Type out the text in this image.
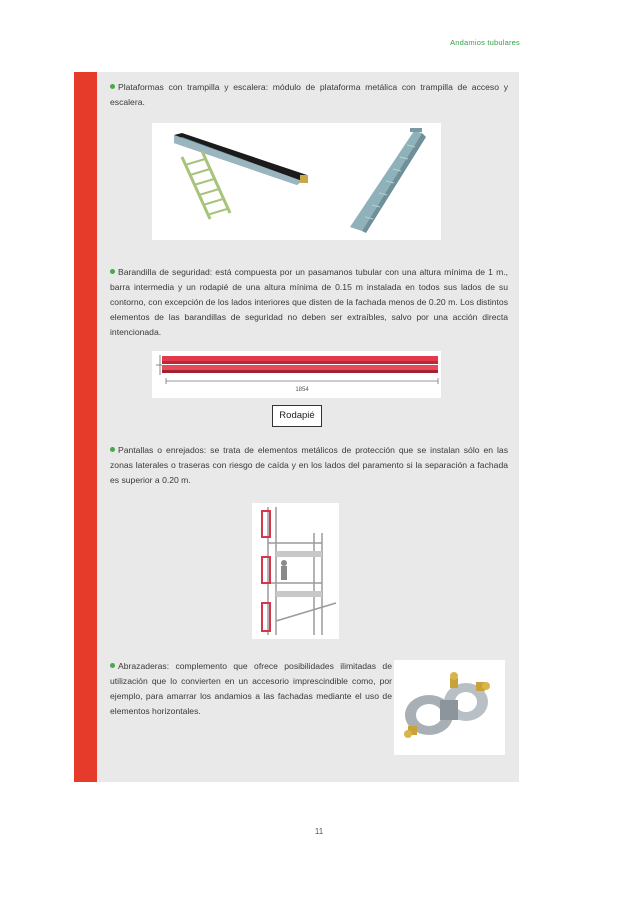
Andamios tubulares
Plataformas con trampilla y escalera: módulo de plataforma metálica con trampilla de acceso y escalera.
Barandilla de seguridad: está compuesta por un pasamanos tubular con una altura mínima de 1 m., barra intermedia y un rodapié de una altura mínima de 0.15 m instalada en todos sus lados de su contorno, con excepción de los lados interiores que disten de la fachada menos de 0.20 m. Los distintos elementos de las barandillas de seguridad no deben ser extraíbles, salvo por una acción directa intencionada.
1854
Rodapié
Pantallas o enrejados: se trata de elementos metálicos de protección que se instalan sólo en las zonas laterales o traseras con riesgo de caída y en los lados del paramento si la separación a fachada es superior a 0.20 m.
Abrazaderas: complemento que ofrece posibilidades ilimitadas de utilización que lo convierten en un accesorio imprescindible como, por ejemplo, para amarrar los andamios a las fachadas mediante el uso de elementos horizontales.
11
